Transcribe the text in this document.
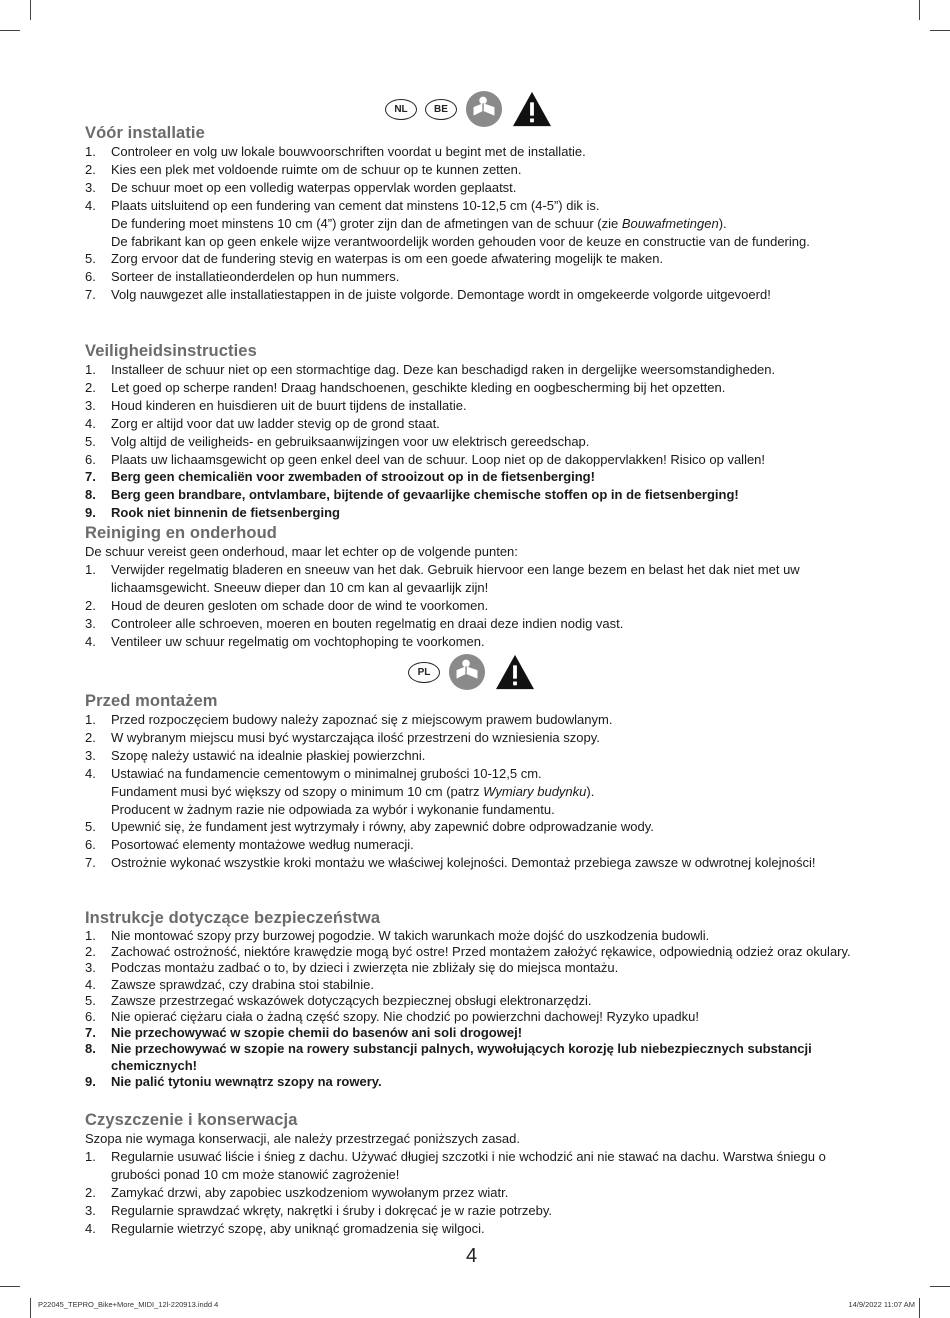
NL	BE
Vóór installatie
1. Controleer en volg uw lokale bouwvoorschriften voordat u begint met de installatie.
2. Kies een plek met voldoende ruimte om de schuur op te kunnen zetten.
3. De schuur moet op een volledig waterpas oppervlak worden geplaatst.
4. Plaats uitsluitend op een fundering van cement dat minstens 10-12,5 cm (4-5”) dik is.
De fundering moet minstens 10 cm (4”) groter zijn dan de afmetingen van de schuur (zie Bouwafmetingen).
De fabrikant kan op geen enkele wijze verantwoordelijk worden gehouden voor de keuze en constructie van de fundering.
5. Zorg ervoor dat de fundering stevig en waterpas is om een goede afwatering mogelijk te maken.
6. Sorteer de installatieonderdelen op hun nummers.
7. Volg nauwgezet alle installatiestappen in de juiste volgorde. Demontage wordt in omgekeerde volgorde uitgevoerd!
Veiligheidsinstructies
1. Installeer de schuur niet op een stormachtige dag. Deze kan beschadigd raken in dergelijke weersomstandigheden.
2. Let goed op scherpe randen! Draag handschoenen, geschikte kleding en oogbescherming bij het opzetten.
3. Houd kinderen en huisdieren uit de buurt tijdens de installatie.
4. Zorg er altijd voor dat uw ladder stevig op de grond staat.
5. Volg altijd de veiligheids- en gebruiksaanwijzingen voor uw elektrisch gereedschap.
6. Plaats uw lichaamsgewicht op geen enkel deel van de schuur. Loop niet op de dakoppervlakken! Risico op vallen!
7. Berg geen chemicaliën voor zwembaden of strooizout op in de fietsenberging!
8. Berg geen brandbare, ontvlambare, bijtende of gevaarlijke chemische stoffen op in de fietsenberging!
9. Rook niet binnenin de fietsenberging
Reiniging en onderhoud

De schuur vereist geen onderhoud, maar let echter op de volgende punten:

1. Verwijder regelmatig bladeren en sneeuw van het dak. Gebruik hiervoor een lange bezem en belast het dak niet met uw lichaamsgewicht. Sneeuw dieper dan 10 cm kan al gevaarlijk zijn!
2. Houd de deuren gesloten om schade door de wind te voorkomen.
3. Controleer alle schroeven, moeren en bouten regelmatig en draai deze indien nodig vast.
4. Ventileer uw schuur regelmatig om vochtophoping te voorkomen.
PL
Przed montażem
1. Przed rozpoczęciem budowy należy zapoznać się z miejscowym prawem budowlanym.
2. W wybranym miejscu musi być wystarczająca ilość przestrzeni do wzniesienia szopy.
3. Szopę należy ustawić na idealnie płaskiej powierzchni.
4. Ustawiać na fundamencie cementowym o minimalnej grubości 10-12,5 cm.
Fundament musi być większy od szopy o minimum 10 cm (patrz Wymiary budynku).
Producent w żadnym razie nie odpowiada za wybór i wykonanie fundamentu.
5. Upewnić się, że fundament jest wytrzymały i równy, aby zapewnić dobre odprowadzanie wody.
6. Posortować elementy montażowe według numeracji.
7. Ostrożnie wykonać wszystkie kroki montażu we właściwej kolejności. Demontaż przebiega zawsze w odwrotnej kolejności!
Instrukcje dotyczące bezpieczeństwa
1. Nie montować szopy przy burzowej pogodzie. W takich warunkach może dojść do uszkodzenia budowli.
2. Zachować ostrożność, niektóre krawędzie mogą być ostre! Przed montażem założyć rękawice, odpowiednią odzież oraz okulary.
3. Podczas montażu zadbać o to, by dzieci i zwierzęta nie zbliżały się do miejsca montażu.
4. Zawsze sprawdzać, czy drabina stoi stabilnie.
5. Zawsze przestrzegać wskazówek dotyczących bezpiecznej obsługi elektronarzędzi.
6. Nie opierać ciężaru ciała o żadną część szopy. Nie chodzić po powierzchni dachowej! Ryzyko upadku!
7. Nie przechowywać w szopie chemii do basenów ani soli drogowej!
8. Nie przechowywać w szopie na rowery substancji palnych, wywołujących korozję lub niebezpiecznych substancji chemicznych!
9. Nie palić tytoniu wewnątrz szopy na rowery.
Czyszczenie i konserwacja

Szopa nie wymaga konserwacji, ale należy przestrzegać poniższych zasad.

1. Regularnie usuwać liście i śnieg z dachu. Używać długiej szczotki i nie wchodzić ani nie stawać na dachu. Warstwa śniegu o grubości ponad 10 cm może stanowić zagrożenie!
2. Zamykać drzwi, aby zapobiec uszkodzeniom wywołanym przez wiatr.
3. Regularnie sprawdzać wkręty, nakrętki i śruby i dokręcać je w razie potrzeby.
4. Regularnie wietrzyć szopę, aby uniknąć gromadzenia się wilgoci.
4
P22045_TEPRO_Bike+More_MIDI_12l-220913.indd 4	14/9/2022 11:07 AM
